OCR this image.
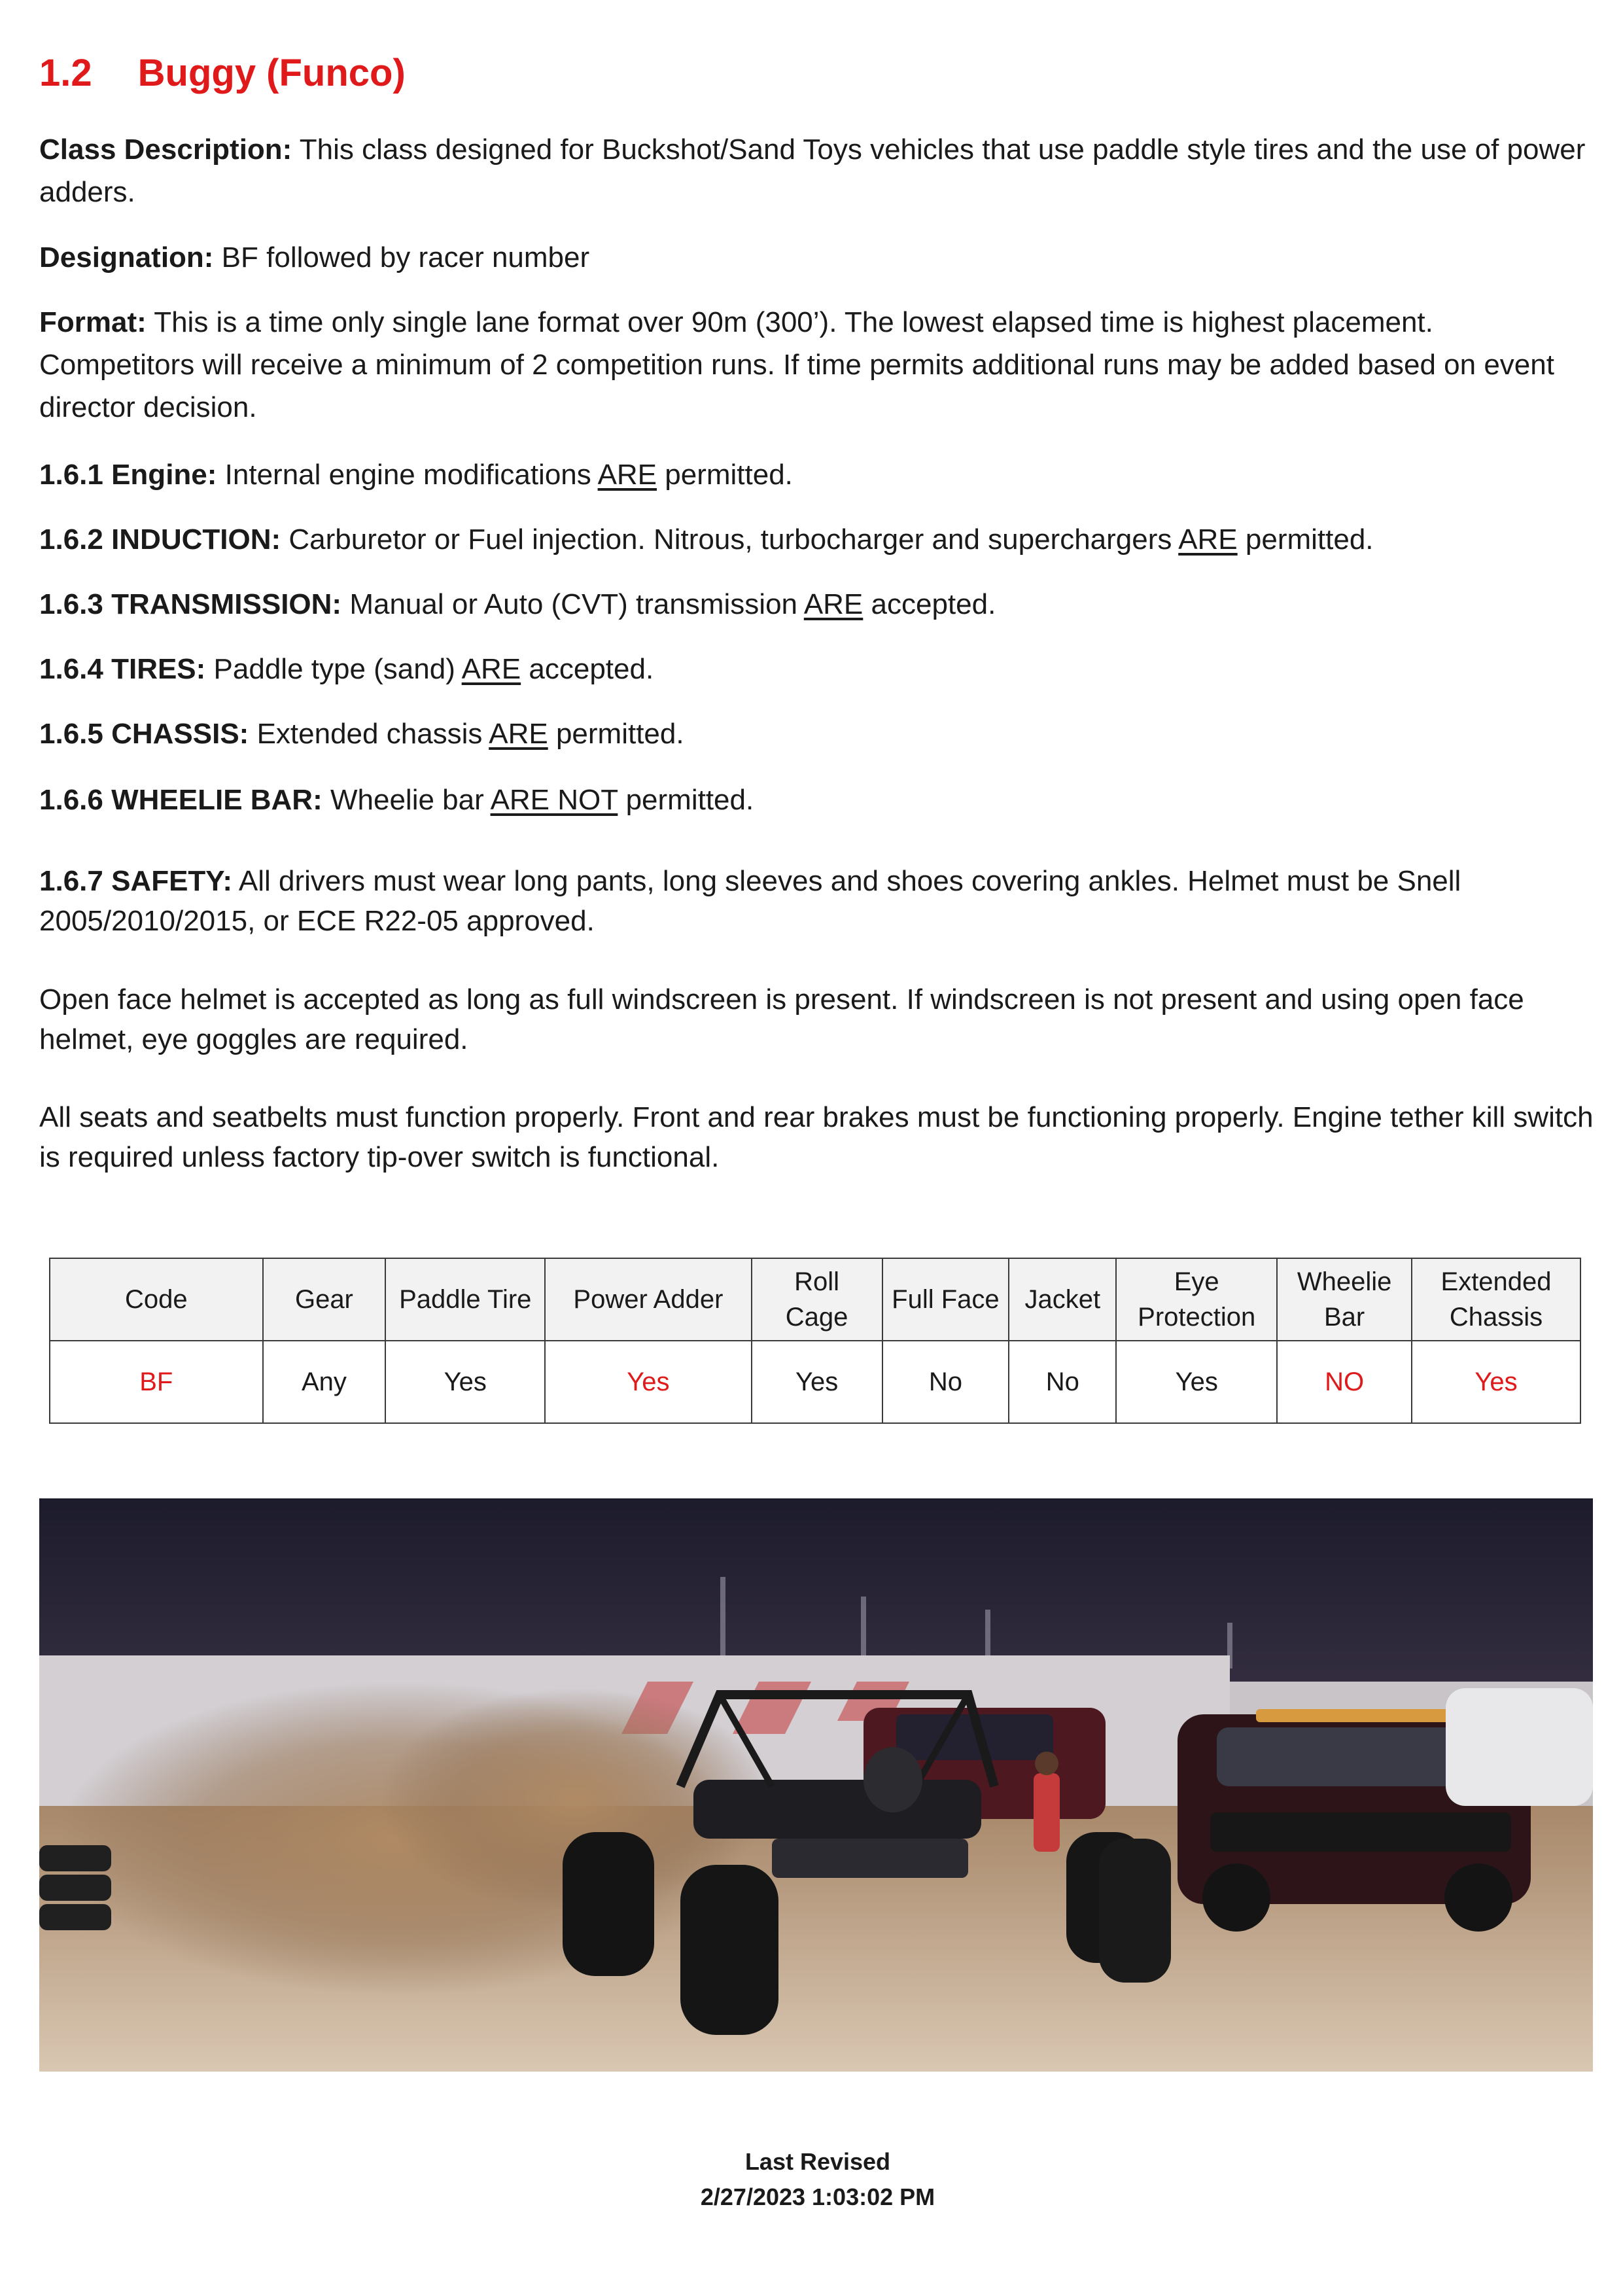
1.2 Buggy (Funco)
Class Description: This class designed for Buckshot/Sand Toys vehicles that use paddle style tires and the use of power adders.
Designation: BF followed by racer number
Format: This is a time only single lane format over 90m (300’). The lowest elapsed time is highest placement. Competitors will receive a minimum of 2 competition runs. If time permits additional runs may be added based on event director decision.
1.6.1 Engine: Internal engine modifications ARE permitted.
1.6.2 INDUCTION: Carburetor or Fuel injection. Nitrous, turbocharger and superchargers ARE permitted.
1.6.3 TRANSMISSION: Manual or Auto (CVT) transmission ARE accepted.
1.6.4 TIRES: Paddle type (sand) ARE accepted.
1.6.5 CHASSIS: Extended chassis ARE permitted.
1.6.6 WHEELIE BAR: Wheelie bar ARE NOT permitted.
1.6.7 SAFETY: All drivers must wear long pants, long sleeves and shoes covering ankles. Helmet must be Snell 2005/2010/2015, or ECE R22-05 approved.
Open face helmet is accepted as long as full windscreen is present. If windscreen is not present and using open face helmet, eye goggles are required.
All seats and seatbelts must function properly. Front and rear brakes must be functioning properly. Engine tether kill switch is required unless factory tip-over switch is functional.
Code	Gear	Paddle Tire	Power Adder	Roll Cage	Full Face	Jacket	Eye Protection	Wheelie Bar	Extended Chassis
BF	Any	Yes	Yes	Yes	No	No	Yes	NO	Yes
Last Revised
2/27/2023 1:03:02 PM
